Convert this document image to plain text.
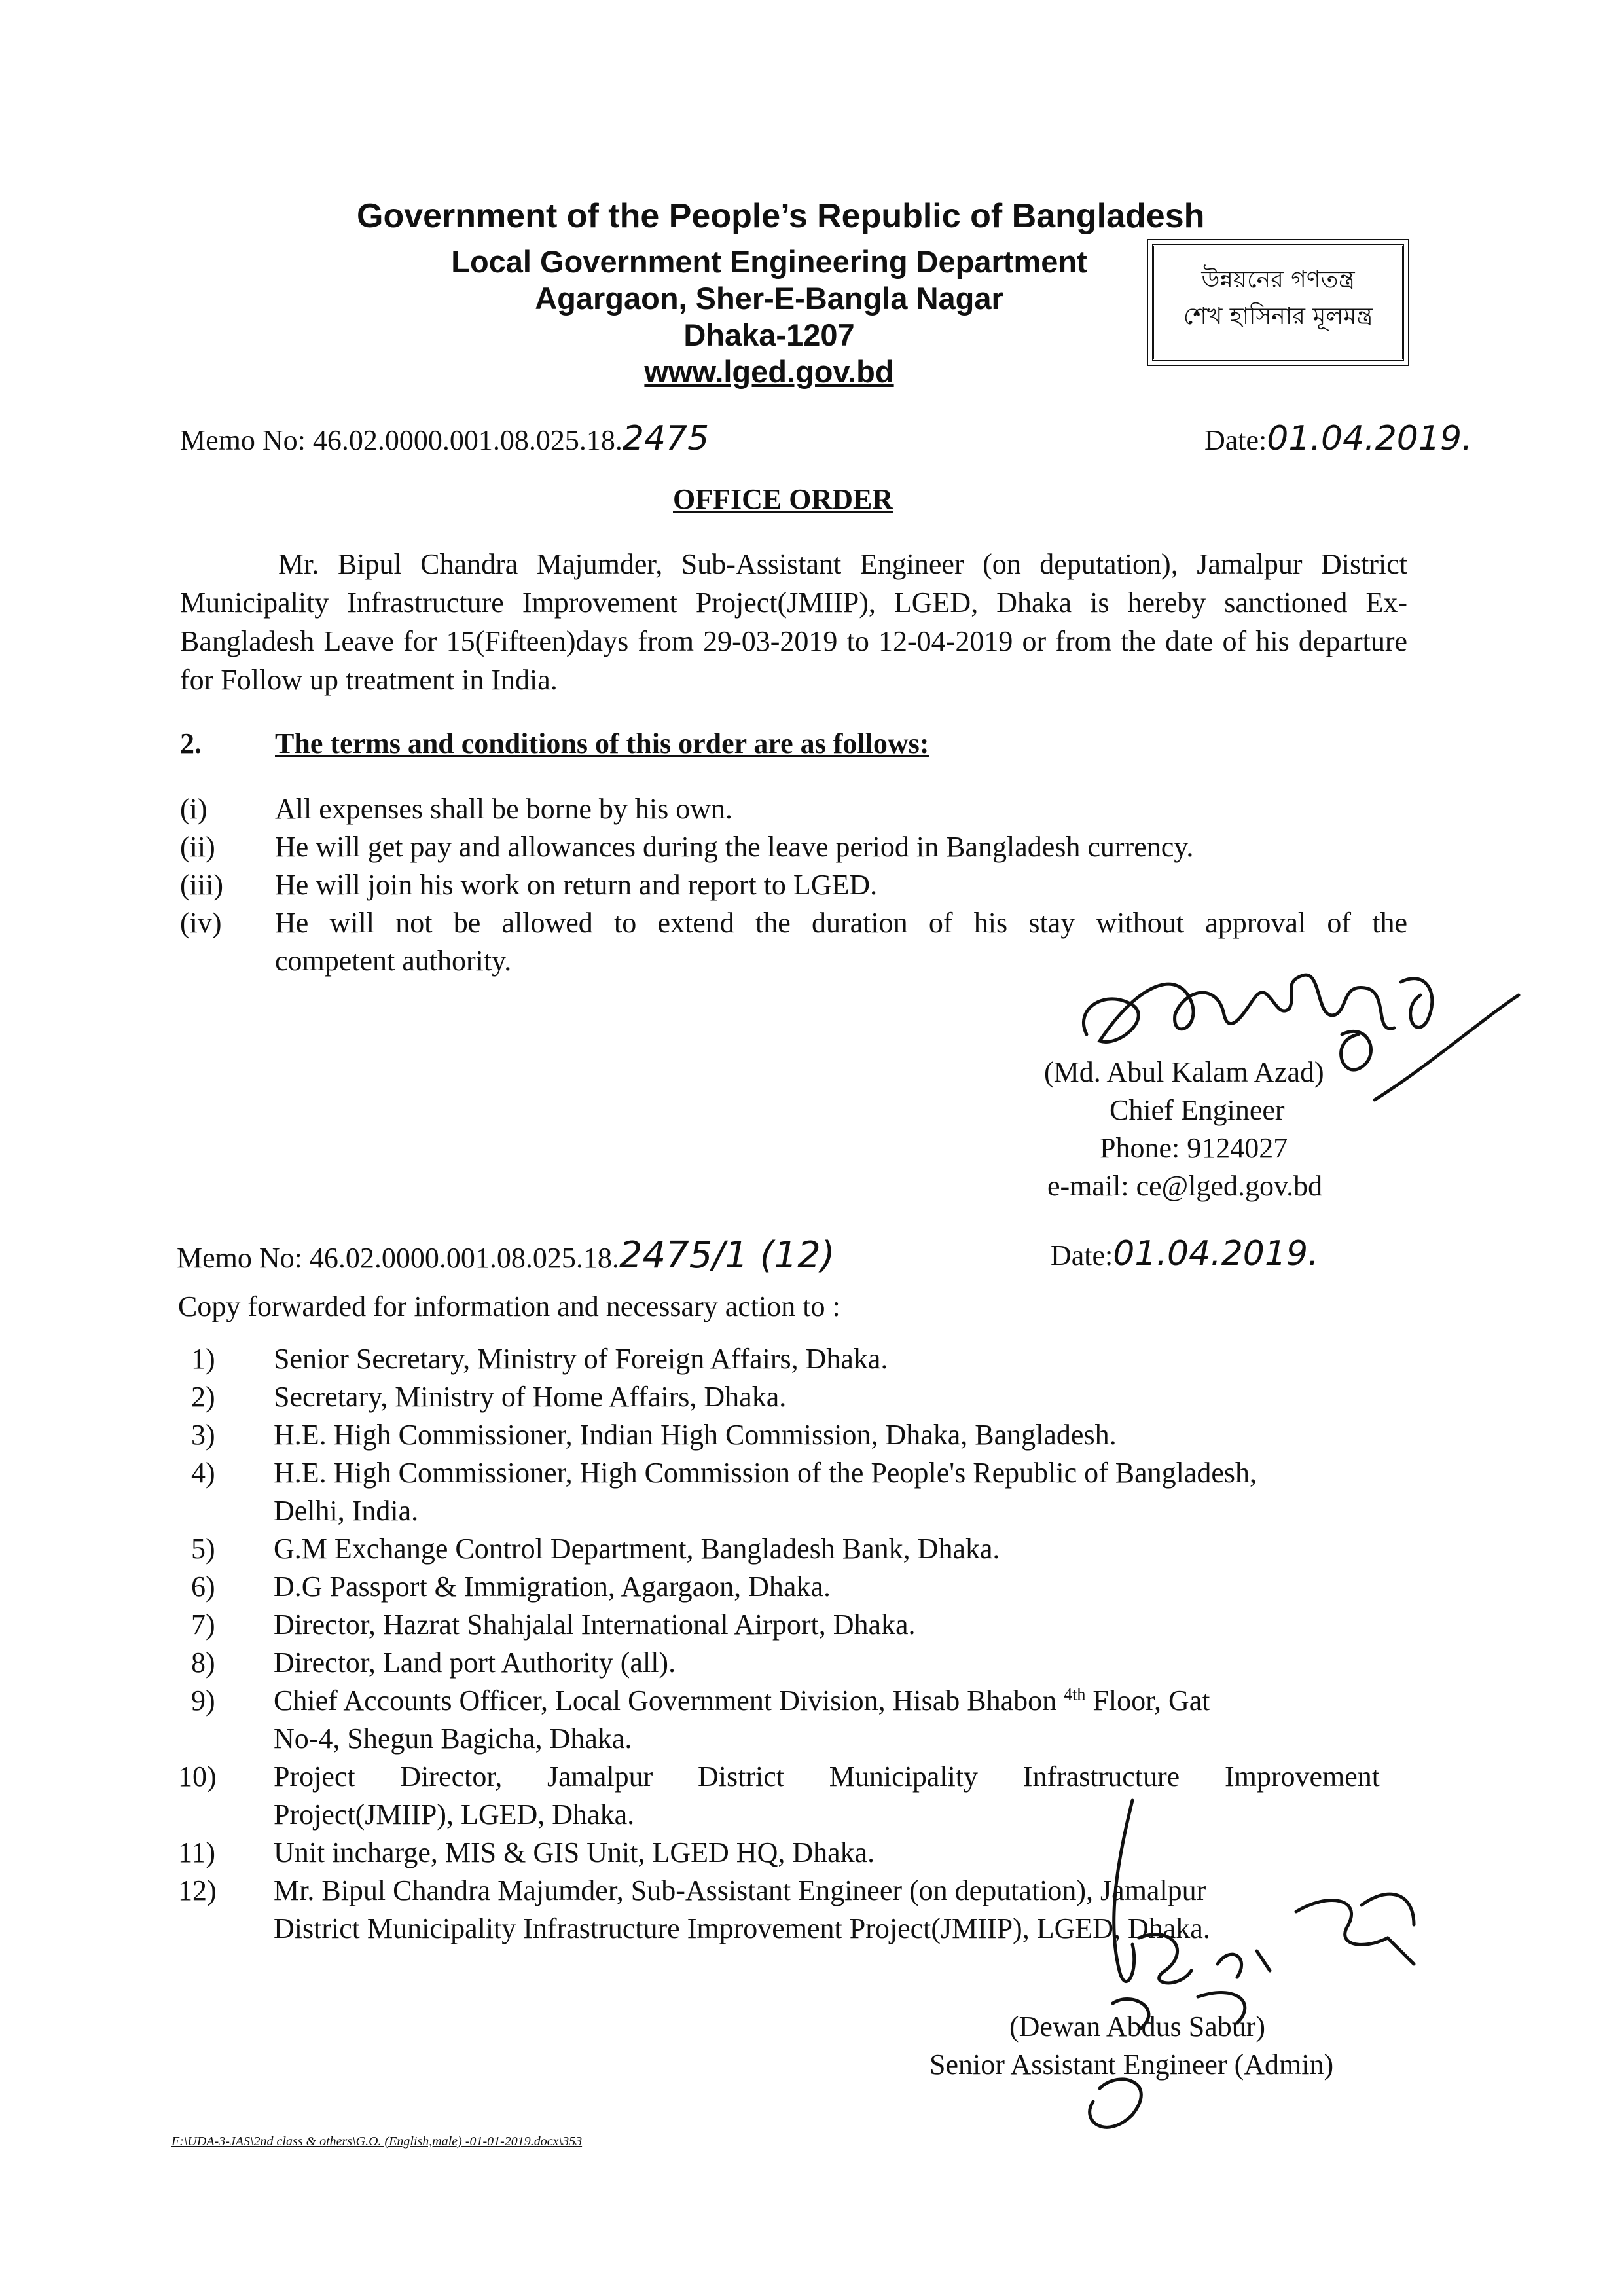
Government of the People’s Republic of Bangladesh
Local Government Engineering Department
Agargaon, Sher-E-Bangla Nagar
Dhaka-1207
www.lged.gov.bd
উন্নয়নের গণতন্ত্র
শেখ হাসিনার মূলমন্ত্র
Memo No: 46.02.0000.001.08.025.18.2475	Date:01.04.2019.
OFFICE ORDER
Mr. Bipul Chandra Majumder, Sub-Assistant Engineer (on deputation), Jamalpur District Municipality Infrastructure Improvement Project(JMIIP), LGED, Dhaka is hereby sanctioned Ex-Bangladesh Leave for 15(Fifteen)days from 29-03-2019 to 12-04-2019 or from the date of his departure for Follow up treatment in India.
2.	The terms and conditions of this order are as follows:
(i) All expenses shall be borne by his own.
(ii) He will get pay and allowances during the leave period in Bangladesh currency.
(iii) He will join his work on return and report to LGED.
(iv) He will not be allowed to extend the duration of his stay without approval of the
competent authority.
(Md. Abul Kalam Azad)
Chief Engineer
Phone: 9124027
e-mail: ce@lged.gov.bd
Memo No: 46.02.0000.001.08.025.18.2475/1 (12)	Date:01.04.2019.
Copy forwarded for information and necessary action to :
1) Senior Secretary, Ministry of Foreign Affairs, Dhaka.
2) Secretary, Ministry of Home Affairs, Dhaka.
3) H.E. High Commissioner, Indian High Commission, Dhaka, Bangladesh.
4) H.E. High Commissioner, High Commission of the People's Republic of Bangladesh,
Delhi, India.
5) G.M Exchange Control Department, Bangladesh Bank, Dhaka.
6) D.G Passport & Immigration, Agargaon, Dhaka.
7) Director, Hazrat Shahjalal International Airport, Dhaka.
8) Director, Land port Authority (all).
9) Chief Accounts Officer, Local Government Division, Hisab Bhabon $^{4th}$ Floor, Gat
No-4, Shegun Bagicha, Dhaka.
10) Project Director, Jamalpur District Municipality Infrastructure Improvement
Project(JMIIP), LGED, Dhaka.
11) Unit incharge, MIS & GIS Unit, LGED HQ, Dhaka.
12) Mr. Bipul Chandra Majumder, Sub-Assistant Engineer (on deputation), Jamalpur
District Municipality Infrastructure Improvement Project(JMIIP), LGED, Dhaka.
(Dewan Abdus Sabur)
Senior Assistant Engineer (Admin)
F:\UDA-3-JAS\2nd class & others\G.O. (English,male) -01-01-2019.docx\353
